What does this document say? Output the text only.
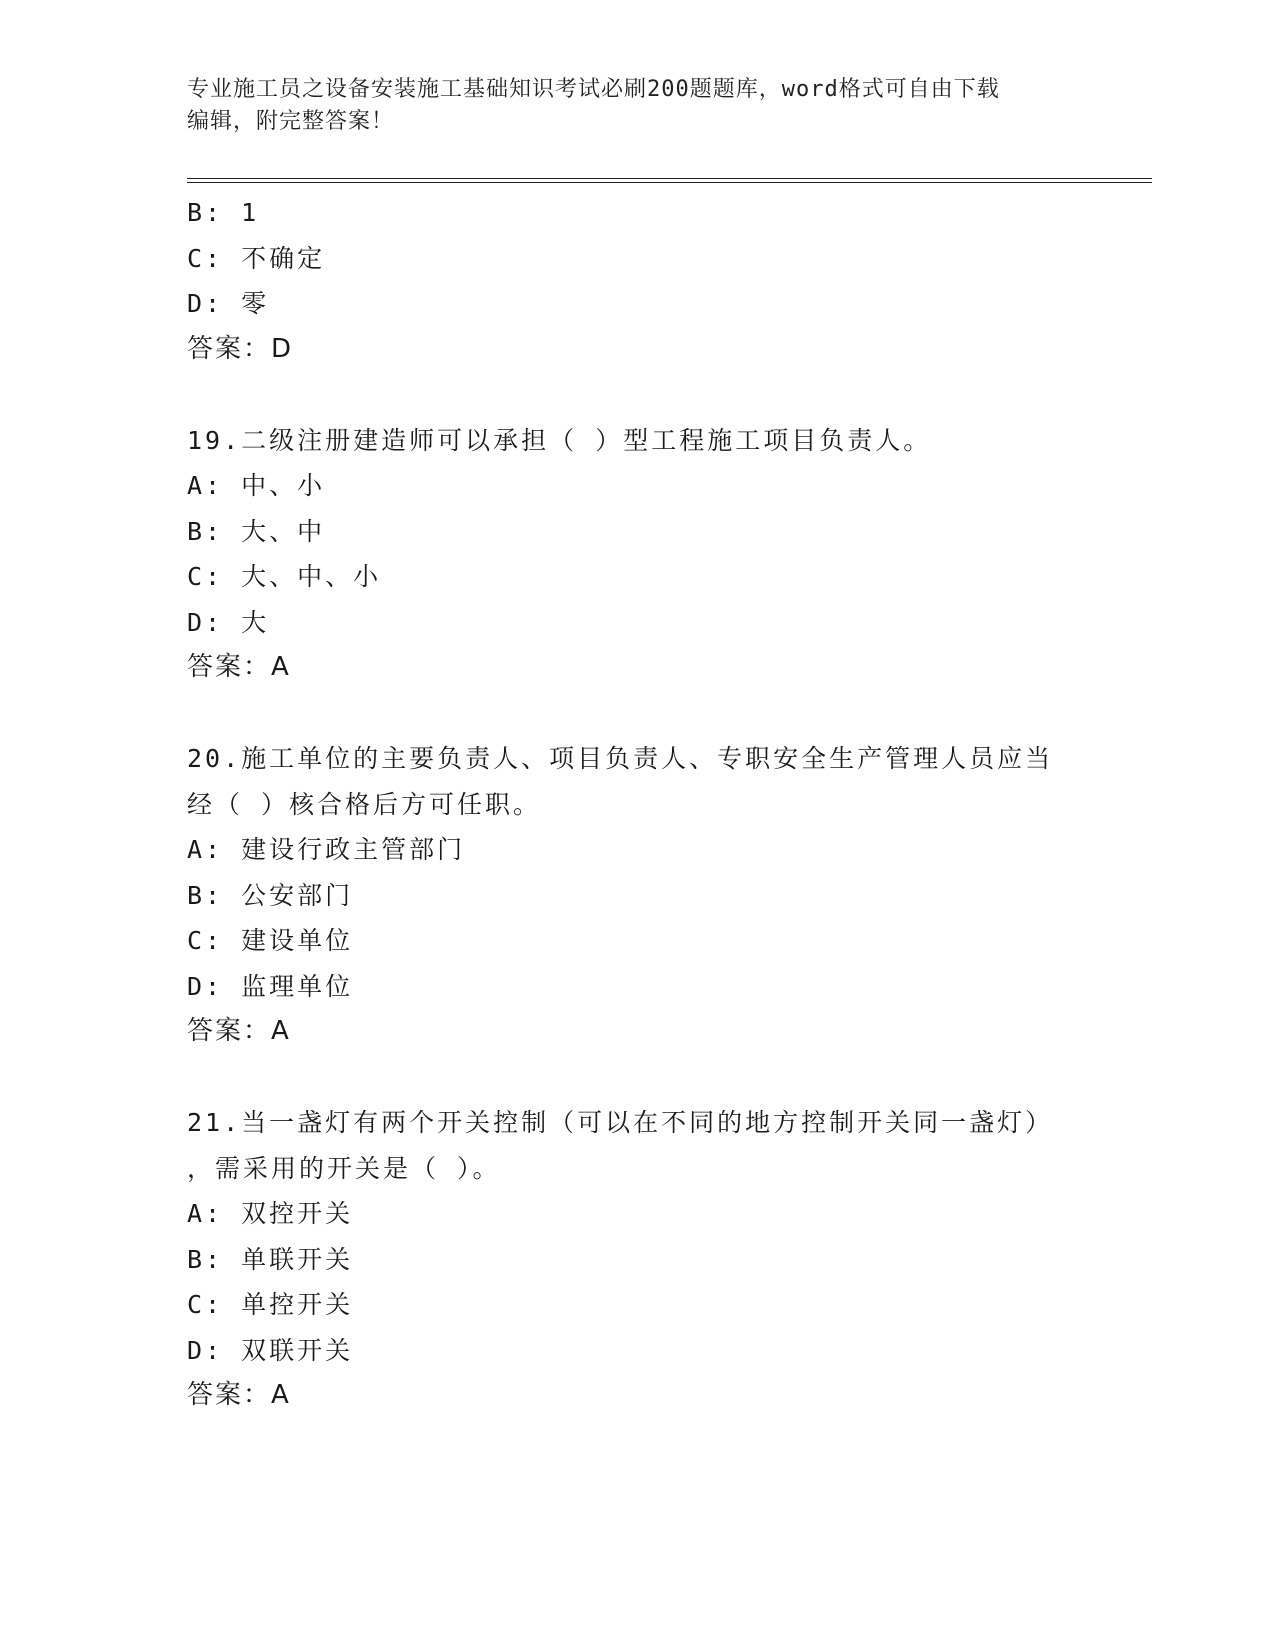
专业施工员之设备安装施工基础知识考试必刷200题题库，word格式可自由下载
编辑，附完整答案！
B: 1
C: 不确定
D: 零
答案：D
19.二级注册建造师可以承担（ ）型工程施工项目负责人。
A: 中、小
B: 大、中
C: 大、中、小
D: 大
答案：A
20.施工单位的主要负责人、项目负责人、专职安全生产管理人员应当
经（ ）核合格后方可任职。
A: 建设行政主管部门
B: 公安部门
C: 建设单位
D: 监理单位
答案：A
21.当一盏灯有两个开关控制（可以在不同的地方控制开关同一盏灯）
，需采用的开关是（ ）。
A: 双控开关
B: 单联开关
C: 单控开关
D: 双联开关
答案：A
